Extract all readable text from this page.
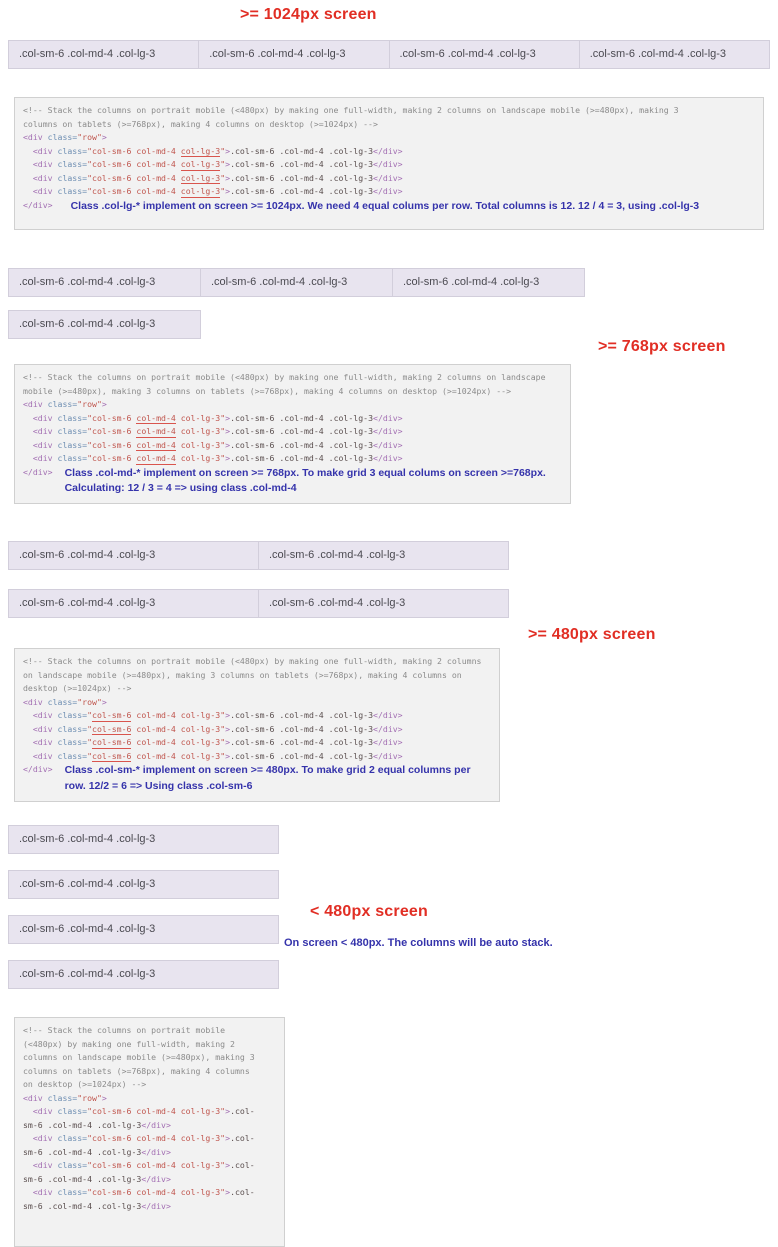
>= 1024px screen
.col-sm-6 .col-md-4 .col-lg-3	.col-sm-6 .col-md-4 .col-lg-3	.col-sm-6 .col-md-4 .col-lg-3	.col-sm-6 .col-md-4 .col-lg-3
<!-- Stack the columns on portrait mobile (<480px) by making one full-width, making 2 columns on landscape mobile (>=480px), making 3
columns on tablets (>=768px), making 4 columns on desktop (>=1024px) -->
<div class="row">
<div class="col-sm-6 col-md-4 col-lg-3">.col-sm-6 .col-md-4 .col-lg-3</div>
<div class="col-sm-6 col-md-4 col-lg-3">.col-sm-6 .col-md-4 .col-lg-3</div>
<div class="col-sm-6 col-md-4 col-lg-3">.col-sm-6 .col-md-4 .col-lg-3</div>
<div class="col-sm-6 col-md-4 col-lg-3">.col-sm-6 .col-md-4 .col-lg-3</div>
</div> Class .col-lg-* implement on screen >= 1024px. We need 4 equal colums per row. Total columns is 12. 12 / 4 = 3, using .col-lg-3
.col-sm-6 .col-md-4 .col-lg-3	.col-sm-6 .col-md-4 .col-lg-3	.col-sm-6 .col-md-4 .col-lg-3
.col-sm-6 .col-md-4 .col-lg-3
>= 768px screen
<!-- Stack the columns on portrait mobile (<480px) by making one full-width, making 2 columns on landscape
mobile (>=480px), making 3 columns on tablets (>=768px), making 4 columns on desktop (>=1024px) -->
<div class="row">
<div class="col-sm-6 col-md-4 col-lg-3">.col-sm-6 .col-md-4 .col-lg-3</div>
<div class="col-sm-6 col-md-4 col-lg-3">.col-sm-6 .col-md-4 .col-lg-3</div>
<div class="col-sm-6 col-md-4 col-lg-3">.col-sm-6 .col-md-4 .col-lg-3</div>
<div class="col-sm-6 col-md-4 col-lg-3">.col-sm-6 .col-md-4 .col-lg-3</div>
</div> Class .col-md-* implement on screen >= 768px. To make grid 3 equal colums on screen >=768px. Calculating: 12 / 3 = 4 => using class .col-md-4
.col-sm-6 .col-md-4 .col-lg-3	.col-sm-6 .col-md-4 .col-lg-3
.col-sm-6 .col-md-4 .col-lg-3	.col-sm-6 .col-md-4 .col-lg-3
>= 480px screen
<!-- Stack the columns on portrait mobile (<480px) by making one full-width, making 2 columns
on landscape mobile (>=480px), making 3 columns on tablets (>=768px), making 4 columns on
desktop (>=1024px) -->
<div class="row">
<div class="col-sm-6 col-md-4 col-lg-3">.col-sm-6 .col-md-4 .col-lg-3</div>
<div class="col-sm-6 col-md-4 col-lg-3">.col-sm-6 .col-md-4 .col-lg-3</div>
<div class="col-sm-6 col-md-4 col-lg-3">.col-sm-6 .col-md-4 .col-lg-3</div>
<div class="col-sm-6 col-md-4 col-lg-3">.col-sm-6 .col-md-4 .col-lg-3</div>
</div> Class .col-sm-* implement on screen >= 480px. To make grid 2 equal columns per row. 12/2 = 6 => Using class .col-sm-6
.col-sm-6 .col-md-4 .col-lg-3
.col-sm-6 .col-md-4 .col-lg-3
.col-sm-6 .col-md-4 .col-lg-3
.col-sm-6 .col-md-4 .col-lg-3
< 480px screen
On screen < 480px. The columns will be auto stack.
<!-- Stack the columns on portrait mobile
(<480px) by making one full-width, making 2
columns on landscape mobile (>=480px), making 3
columns on tablets (>=768px), making 4 columns
on desktop (>=1024px) -->
<div class="row">
<div class="col-sm-6 col-md-4 col-lg-3">.col-
sm-6 .col-md-4 .col-lg-3</div>
<div class="col-sm-6 col-md-4 col-lg-3">.col-
sm-6 .col-md-4 .col-lg-3</div>
<div class="col-sm-6 col-md-4 col-lg-3">.col-
sm-6 .col-md-4 .col-lg-3</div>
<div class="col-sm-6 col-md-4 col-lg-3">.col-
sm-6 .col-md-4 .col-lg-3</div>
